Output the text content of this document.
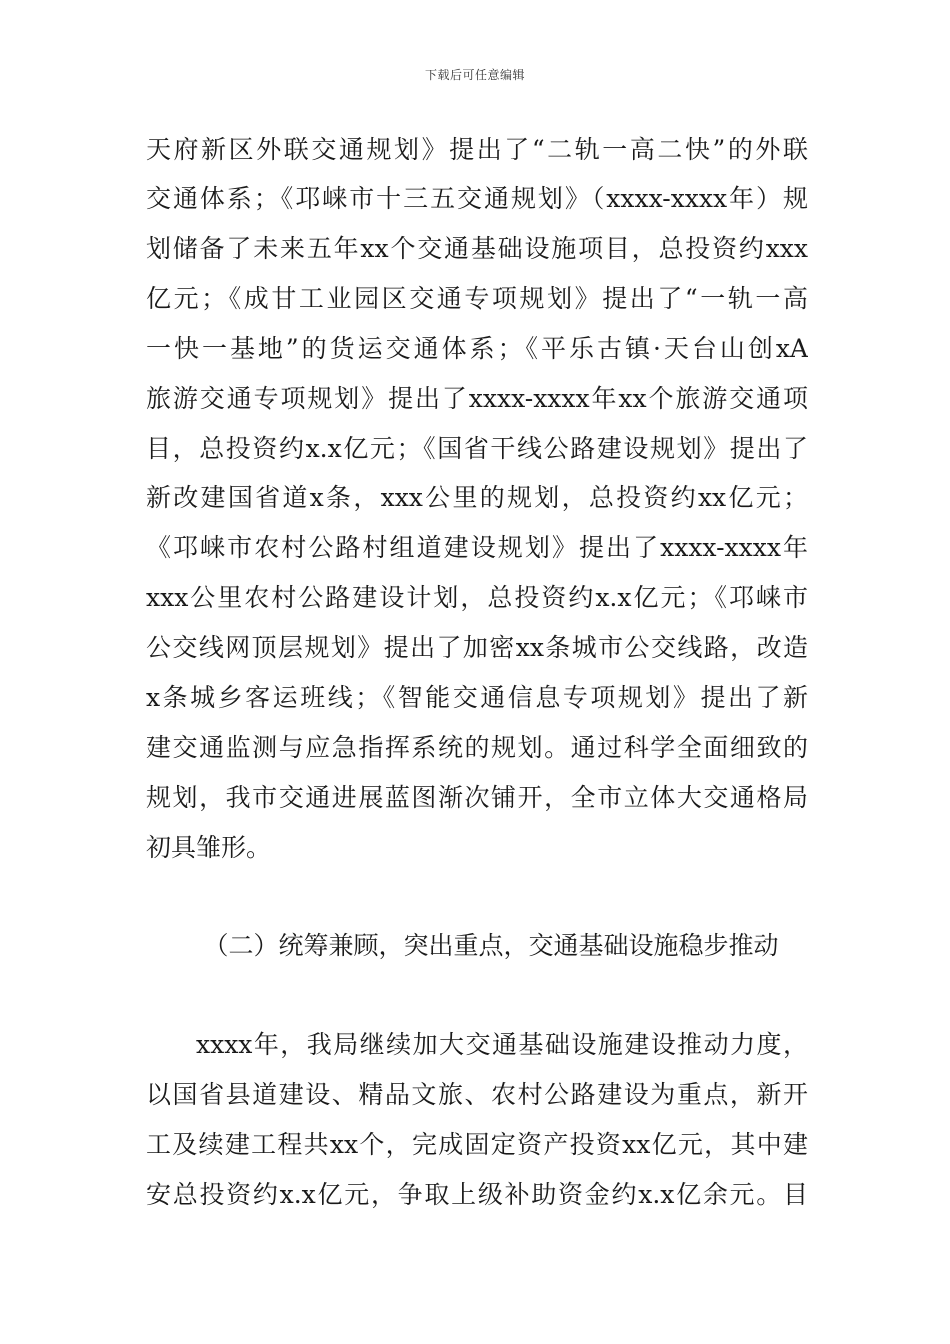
下载后可任意编辑
天府新区外联交通规划》提出了“二轨一高二快”的外联
交通体系；《邛崃市十三五交通规划》（xxxx-xxxx年）规
划储备了未来五年xx个交通基础设施项目，总投资约xxx
亿元；《成甘工业园区交通专项规划》提出了“一轨一高
一快一基地”的货运交通体系；《平乐古镇·天台山创xA
旅游交通专项规划》提出了xxxx-xxxx年xx个旅游交通项
目，总投资约x.x亿元；《国省干线公路建设规划》提出了
新改建国省道x条，xxx公里的规划，总投资约xx亿元；
《邛崃市农村公路村组道建设规划》提出了xxxx-xxxx年
xxx公里农村公路建设计划，总投资约x.x亿元；《邛崃市
公交线网顶层规划》提出了加密xx条城市公交线路，改造
x条城乡客运班线；《智能交通信息专项规划》提出了新
建交通监测与应急指挥系统的规划。通过科学全面细致的
规划，我市交通进展蓝图渐次铺开，全市立体大交通格局
初具雏形。
（二）统筹兼顾，突出重点，交通基础设施稳步推动
xxxx年，我局继续加大交通基础设施建设推动力度，
以国省县道建设、精品文旅、农村公路建设为重点，新开
工及续建工程共xx个，完成固定资产投资xx亿元，其中建
安总投资约x.x亿元，争取上级补助资金约x.x亿余元。目
